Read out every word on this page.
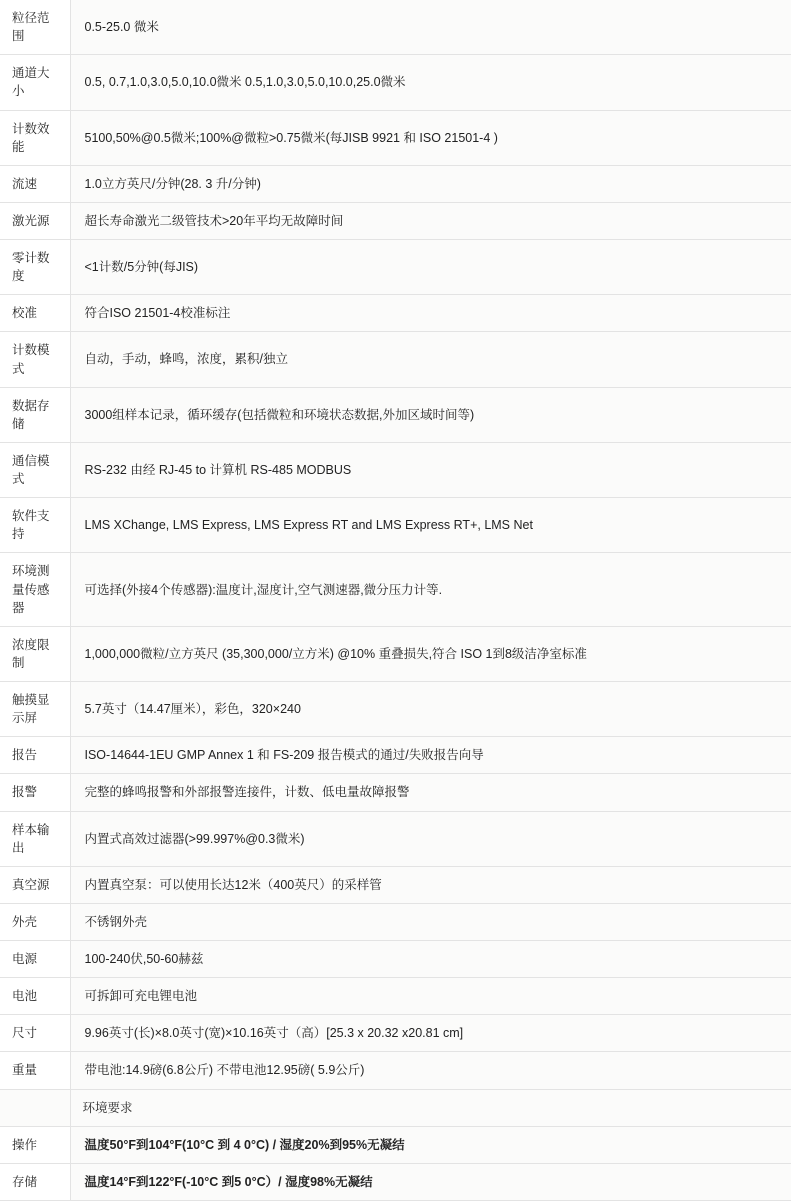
粒径范围	0.5-25.0 微米
通道大小	0.5, 0.7,1.0,3.0,5.0,10.0微米 0.5,1.0,3.0,5.0,10.0,25.0微米
计数效能	5100,50%@0.5微米;100%@微粒>0.75微米(每JISB 9921 和 ISO 21501-4 )
流速	1.0立方英尺/分钟(28. 3 升/分钟)
激光源	超长寿命激光二级管技术>20年平均无故障时间
零计数度	<1计数/5分钟(每JIS)
校准	符合ISO 21501-4校准标注
计数模式	自动，手动，蜂鸣，浓度，累积/独立
数据存储	3000组样本记录，循环缓存(包括微粒和环境状态数据,外加区域时间等)
通信模式	RS-232 由经 RJ-45 to 计算机 RS-485 MODBUS
软件支持	LMS XChange, LMS Express, LMS Express RT and LMS Express RT+, LMS Net
环境测量传感器	可选择(外接4个传感器):温度计,湿度计,空气测速器,微分压力计等.
浓度限制	1,000,000微粒/立方英尺 (35,300,000/立方米) @10% 重叠损失,符合 ISO 1到8级洁净室标准
触摸显示屏	5.7英寸（14.47厘米），彩色，320×240
报告	ISO-14644-1EU GMP Annex 1 和 FS-209 报告模式的通过/失败报告向导
报警	完整的蜂鸣报警和外部报警连接件，计数、低电量故障报警
样本输出	内置式高效过滤器(>99.997%@0.3微米)
真空源	内置真空泵：可以使用长达12米（400英尺）的采样管
外壳	不锈钢外壳
电源	100-240伏,50-60赫兹
电池	可拆卸可充电锂电池
尺寸	9.96英寸(长)×8.0英寸(宽)×10.16英寸（高）[25.3 x 20.32 x20.81 cm]
重量	带电池:14.9磅(6.8公斤) 不带电池12.95磅( 5.9公斤)
	环境要求
操作	温度50°F到104°F(10°C 到 4 0°C) / 湿度20%到95%无凝结
存储	温度14°F到122°F(-10°C 到5 0°C）/ 湿度98%无凝结
